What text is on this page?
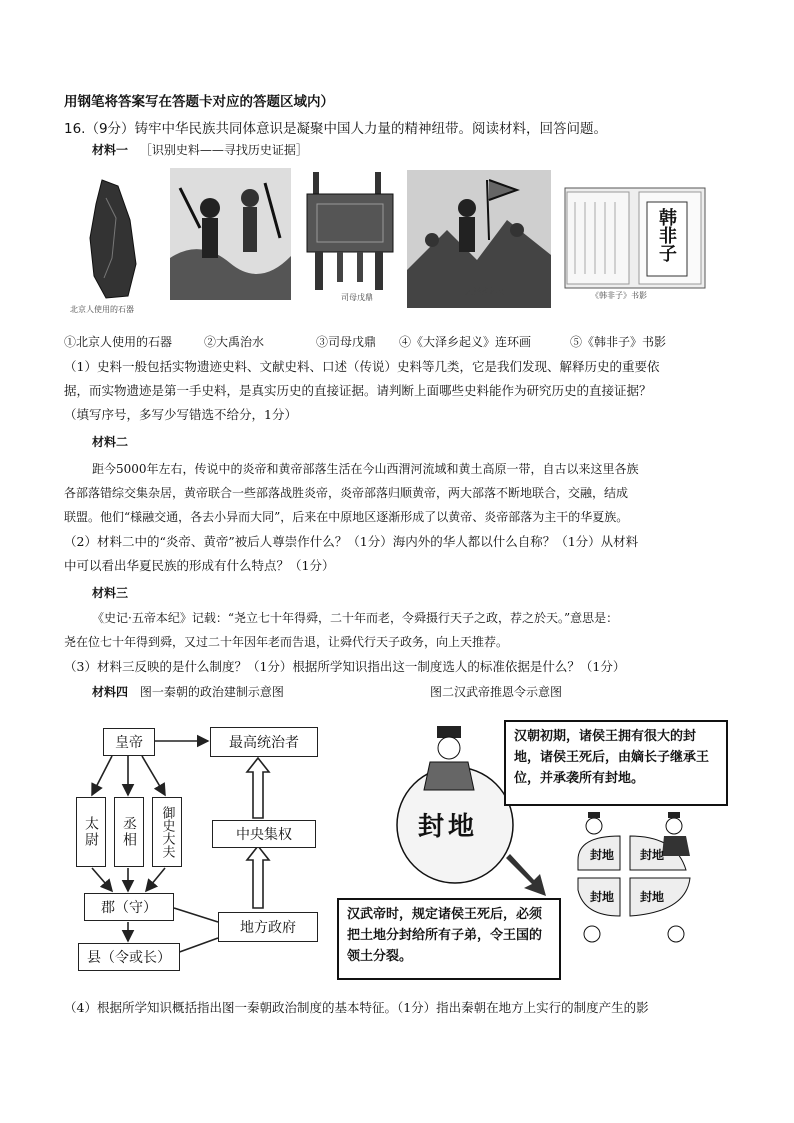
用钢笔将答案写在答题卡对应的答题区域内）
16.（9分）铸牢中华民族共同体意识是凝聚中国人力量的精神纽带。阅读材料，回答问题。
材料一 ［识别史料——寻找历史证据］
北京人使用的石器
司母戊鼎
大泽乡起义
韩非子
《韩非子》书影
①北京人使用的石器	②大禹治水	③司母戊鼎 ④《大泽乡起义》连环画	⑤《韩非子》书影
（1）史料一般包括实物遗迹史料、文献史料、口述（传说）史料等几类，它是我们发现、解释历史的重要依
据，而实物遗迹是第一手史料，是真实历史的直接证据。请判断上面哪些史料能作为研究历史的直接证据？
（填写序号，多写少写错选不给分，1分）
材料二
距今5000年左右，传说中的炎帝和黄帝部落生活在今山西渭河流域和黄土高原一带，自古以来这里各族
各部落错综交集杂居，黄帝联合一些部落战胜炎帝，炎帝部落归顺黄帝，两大部落不断地联合，交融，结成
联盟。他们“様融交通，各去小异而大同”，后来在中原地区逐渐形成了以黄帝、炎帝部落为主干的华夏族。
（2）材料二中的“炎帝、黄帝”被后人尊崇作什么？（1分）海内外的华人都以什么自称？（1分）从材料
中可以看出华夏民族的形成有什么特点？（1分）
材料三
《史记·五帝本纪》记载：“尧立七十年得舜，二十年而老，令舜摄行天子之政，荐之於天。”意思是：
尧在位七十年得到舜，又过二十年因年老而告退，让舜代行天子政务，向上天推荐。
（3）材料三反映的是什么制度？（1分）根据所学知识指出这一制度选人的标准依据是什么？（1分）
材料四 图一秦朝的政治建制示意图	图二汉武帝推恩令示意图
皇帝	最高统治者
太尉	丞相	御史大夫	中央集权
郡（守）
地方政府
县（令或长）
封地
封地 封地
封地 封地
汉朝初期，诸侯王拥有很大的封地，诸侯王死后，由嫡长子继承王位，并承袭所有封地。
汉武帝时，规定诸侯王死后，必须把土地分封给所有子弟，令王国的领土分裂。
（4）根据所学知识概括指出图一秦朝政治制度的基本特征。（1分）指出秦朝在地方上实行的制度产生的影
